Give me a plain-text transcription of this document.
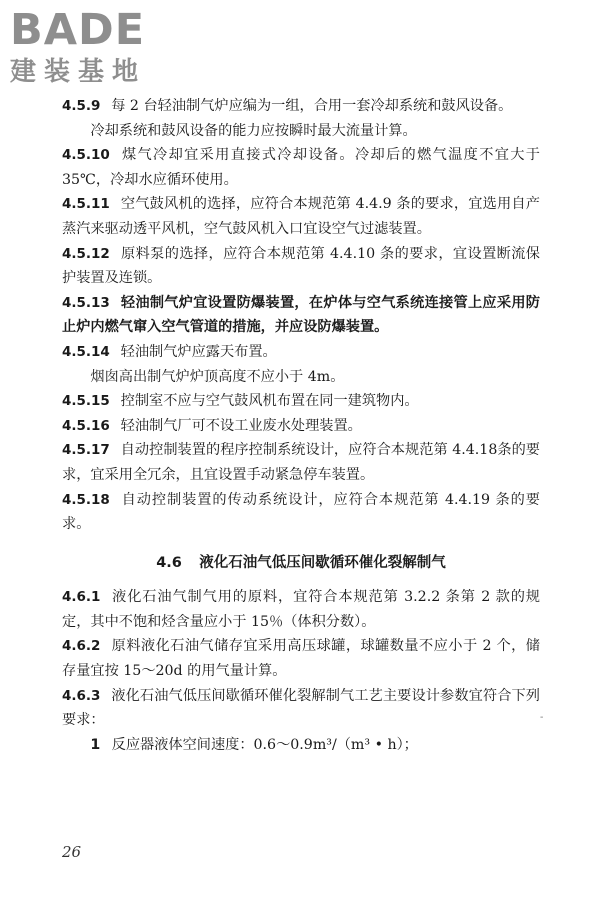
BADE
建装基地

4.5.9 每 2 台轻油制气炉应编为一组，合用一套冷却系统和鼓风设备。

冷却系统和鼓风设备的能力应按瞬时最大流量计算。

4.5.10 煤气冷却宜采用直接式冷却设备。冷却后的燃气温度不宜大于 35℃，冷却水应循环使用。

4.5.11 空气鼓风机的选择，应符合本规范第 4.4.9 条的要求，宜选用自产蒸汽来驱动透平风机，空气鼓风机入口宜设空气过滤装置。

4.5.12 原料泵的选择，应符合本规范第 4.4.10 条的要求，宜设置断流保护装置及连锁。

4.5.13 轻油制气炉宜设置防爆装置，在炉体与空气系统连接管上应采用防止炉内燃气窜入空气管道的措施，并应设防爆装置。

4.5.14 轻油制气炉应露天布置。

烟囱高出制气炉炉顶高度不应小于 4m。

4.5.15 控制室不应与空气鼓风机布置在同一建筑物内。

4.5.16 轻油制气厂可不设工业废水处理装置。

4.5.17 自动控制装置的程序控制系统设计，应符合本规范第 4.4.18条的要求，宜采用全冗余，且宜设置手动紧急停车装置。

4.5.18 自动控制装置的传动系统设计，应符合本规范第 4.4.19 条的要求。

4.6 液化石油气低压间歇循环催化裂解制气

4.6.1 液化石油气制气用的原料，宜符合本规范第 3.2.2 条第 2 款的规定，其中不饱和烃含量应小于 15％（体积分数）。

4.6.2 原料液化石油气储存宜采用高压球罐，球罐数量不应小于 2 个，储存量宜按 15～20d 的用气量计算。

4.6.3 液化石油气低压间歇循环催化裂解制气工艺主要设计参数宜符合下列要求：

1 反应器液体空间速度：0.6～0.9m³/（m³ • h）；

-
26
